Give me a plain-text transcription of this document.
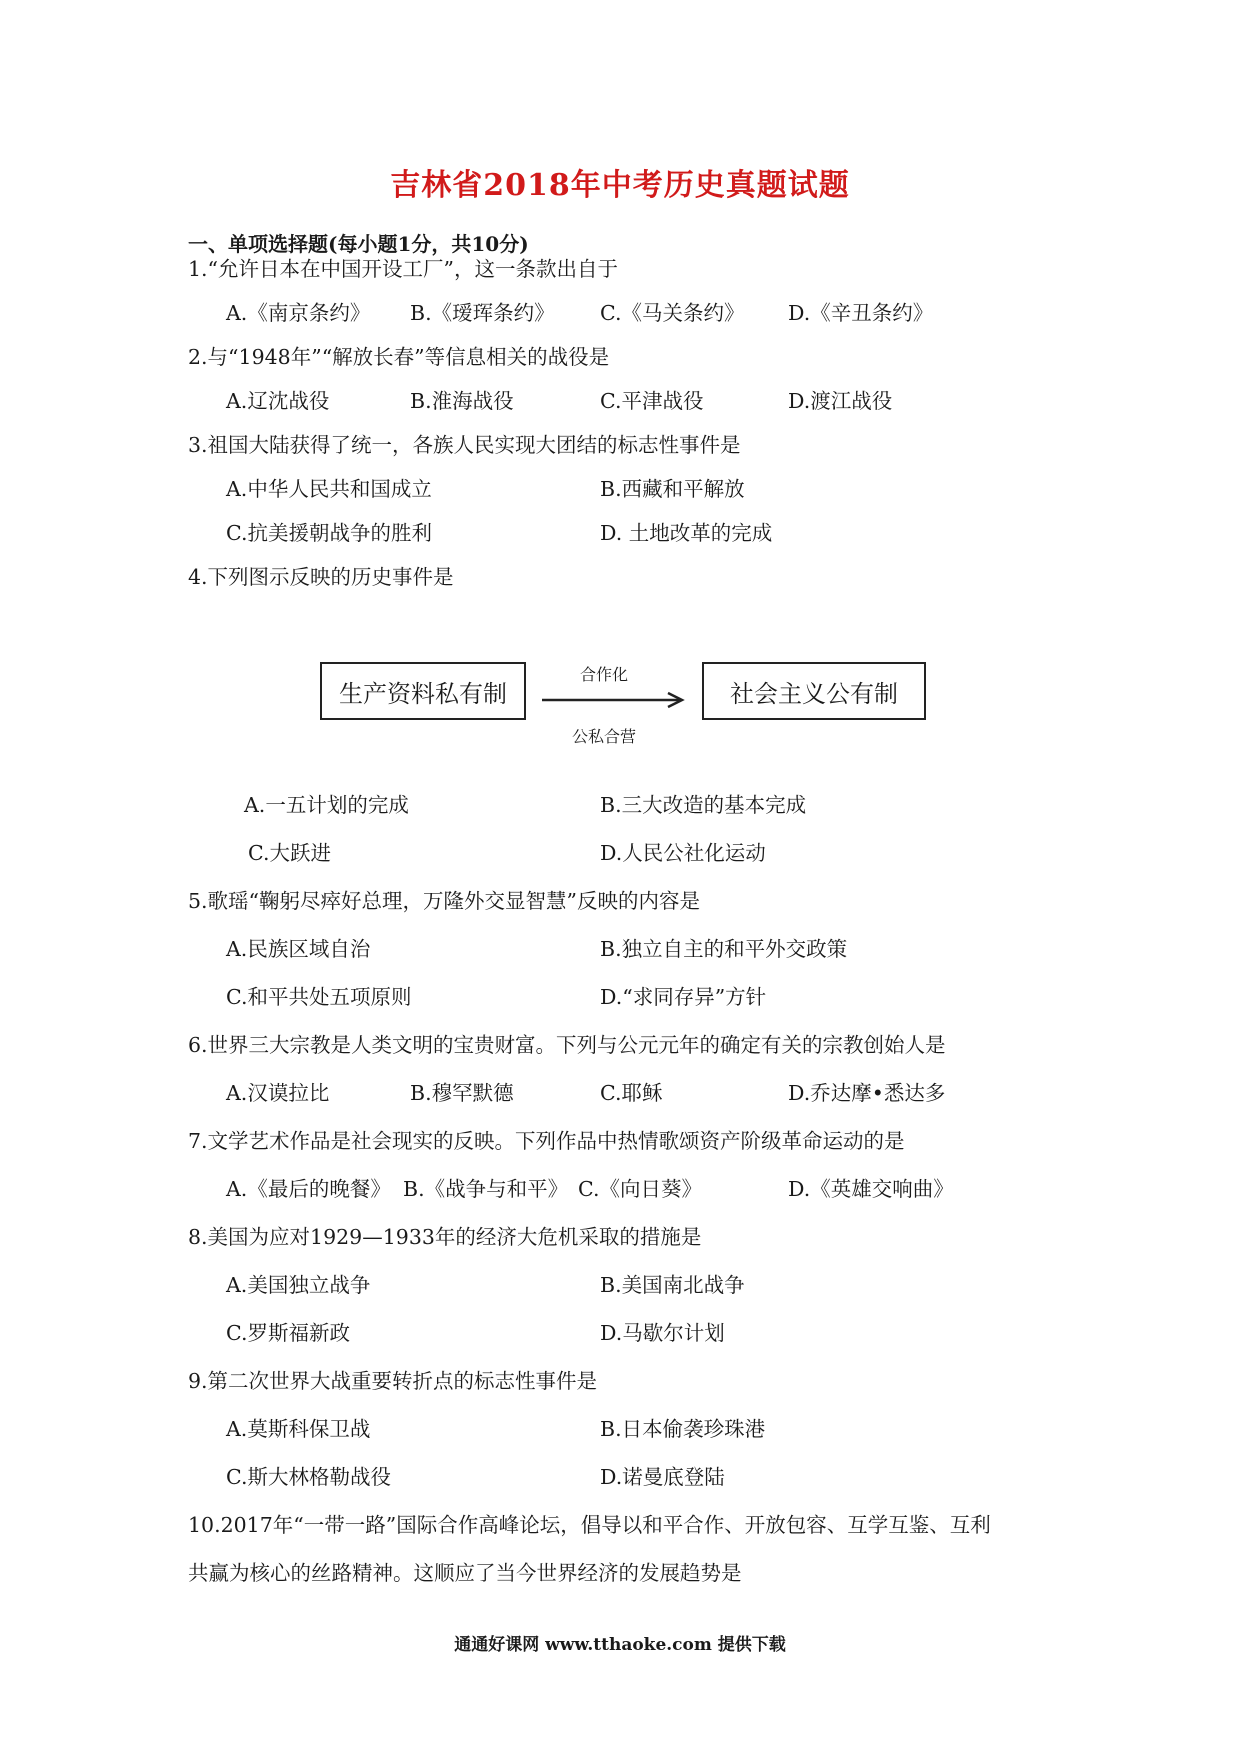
吉林省2018年中考历史真题试题
一、单项选择题(每小题1分，共10分)
1.“允许日本在中国开设工厂”，这一条款出自于
A.《南京条约》 B.《瑷珲条约》 C.《马关条约》 D.《辛丑条约》
2.与“1948年”“解放长春”等信息相关的战役是
A.辽沈战役	B.淮海战役	C.平津战役	D.渡江战役
3.祖国大陆获得了统一，各族人民实现大团结的标志性事件是
A.中华人民共和国成立	B.西藏和平解放
C.抗美援朝战争的胜利	D. 土地改革的完成
4.下列图示反映的历史事件是
生产资料私有制	社会主义公有制
合作化
公私合营
A.一五计划的完成	B.三大改造的基本完成
C.大跃进	D.人民公社化运动
5.歌瑶“鞠躬尽瘁好总理，万隆外交显智慧”反映的内容是
A.民族区域自治	B.独立自主的和平外交政策
C.和平共处五项原则	D.“求同存异”方针
6.世界三大宗教是人类文明的宝贵财富。下列与公元元年的确定有关的宗教创始人是
A.汉谟拉比	B.穆罕默德	C.耶稣	D.乔达摩•悉达多
7.文学艺术作品是社会现实的反映。下列作品中热情歌颂资产阶级革命运动的是
A.《最后的晚餐》 B.《战争与和平》 C.《向日葵》	D.《英雄交响曲》
8.美国为应对1929—1933年的经济大危机采取的措施是
A.美国独立战争	B.美国南北战争
C.罗斯福新政	D.马歇尔计划
9.第二次世界大战重要转折点的标志性事件是
A.莫斯科保卫战	B.日本偷袭珍珠港
C.斯大林格勒战役	D.诺曼底登陆
10.2017年“一带一路”国际合作高峰论坛，倡导以和平合作、开放包容、互学互鉴、互利
共赢为核心的丝路精神。这顺应了当今世界经济的发展趋势是
通通好课网 www.tthaoke.com 提供下载
